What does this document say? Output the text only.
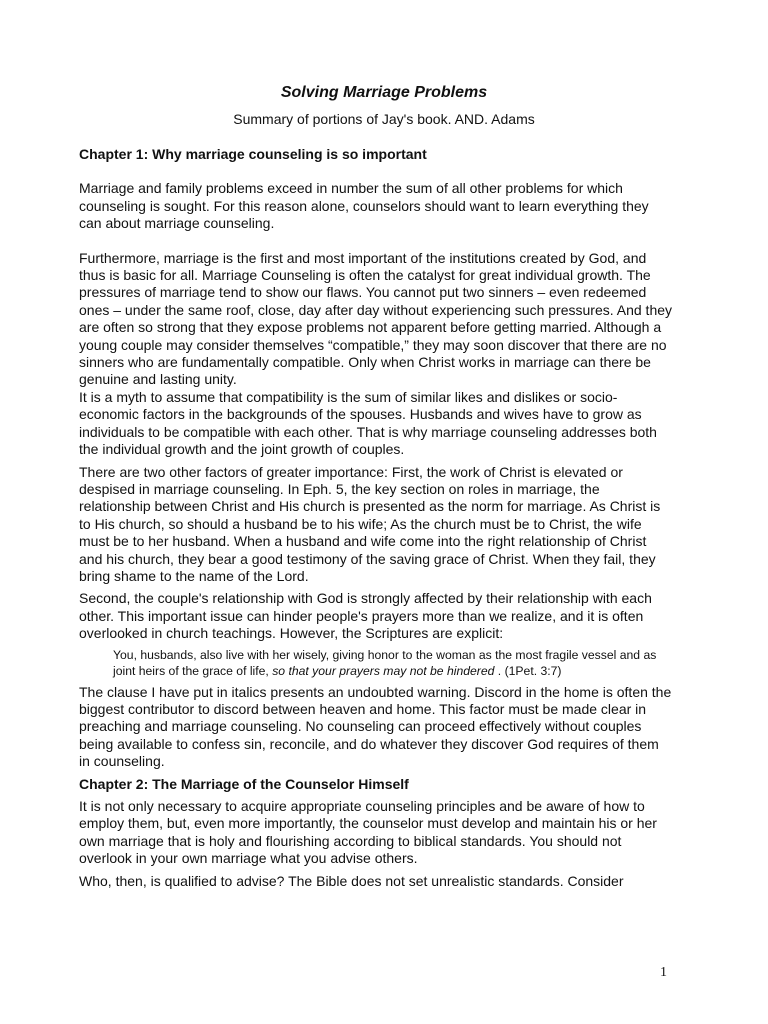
Solving Marriage Problems

Summary of portions of Jay's book. AND. Adams

Chapter 1: Why marriage counseling is so important

Marriage and family problems exceed in number the sum of all other problems for which counseling is sought. For this reason alone, counselors should want to learn everything they can about marriage counseling.

Furthermore, marriage is the first and most important of the institutions created by God, and thus is basic for all. Marriage Counseling is often the catalyst for great individual growth. The pressures of marriage tend to show our flaws. You cannot put two sinners – even redeemed ones – under the same roof, close, day after day without experiencing such pressures. And they are often so strong that they expose problems not apparent before getting married. Although a young couple may consider themselves “compatible,” they may soon discover that there are no sinners who are fundamentally compatible. Only when Christ works in marriage can there be genuine and lasting unity.

It is a myth to assume that compatibility is the sum of similar likes and dislikes or socio-economic factors in the backgrounds of the spouses. Husbands and wives have to grow as individuals to be compatible with each other. That is why marriage counseling addresses both the individual growth and the joint growth of couples.

There are two other factors of greater importance: First, the work of Christ is elevated or despised in marriage counseling. In Eph. 5, the key section on roles in marriage, the relationship between Christ and His church is presented as the norm for marriage. As Christ is to His church, so should a husband be to his wife; As the church must be to Christ, the wife must be to her husband. When a husband and wife come into the right relationship of Christ and his church, they bear a good testimony of the saving grace of Christ. When they fail, they bring shame to the name of the Lord.

Second, the couple's relationship with God is strongly affected by their relationship with each other. This important issue can hinder people's prayers more than we realize, and it is often overlooked in church teachings. However, the Scriptures are explicit:

You, husbands, also live with her wisely, giving honor to the woman as the most fragile vessel and as joint heirs of the grace of life, so that your prayers may not be hindered . (1Pet. 3:7)

The clause I have put in italics presents an undoubted warning. Discord in the home is often the biggest contributor to discord between heaven and home. This factor must be made clear in preaching and marriage counseling. No counseling can proceed effectively without couples being available to confess sin, reconcile, and do whatever they discover God requires of them in counseling.

Chapter 2: The Marriage of the Counselor Himself

It is not only necessary to acquire appropriate counseling principles and be aware of how to employ them, but, even more importantly, the counselor must develop and maintain his or her own marriage that is holy and flourishing according to biblical standards. You should not overlook in your own marriage what you advise others.

Who, then, is qualified to advise? The Bible does not set unrealistic standards. Consider

1
